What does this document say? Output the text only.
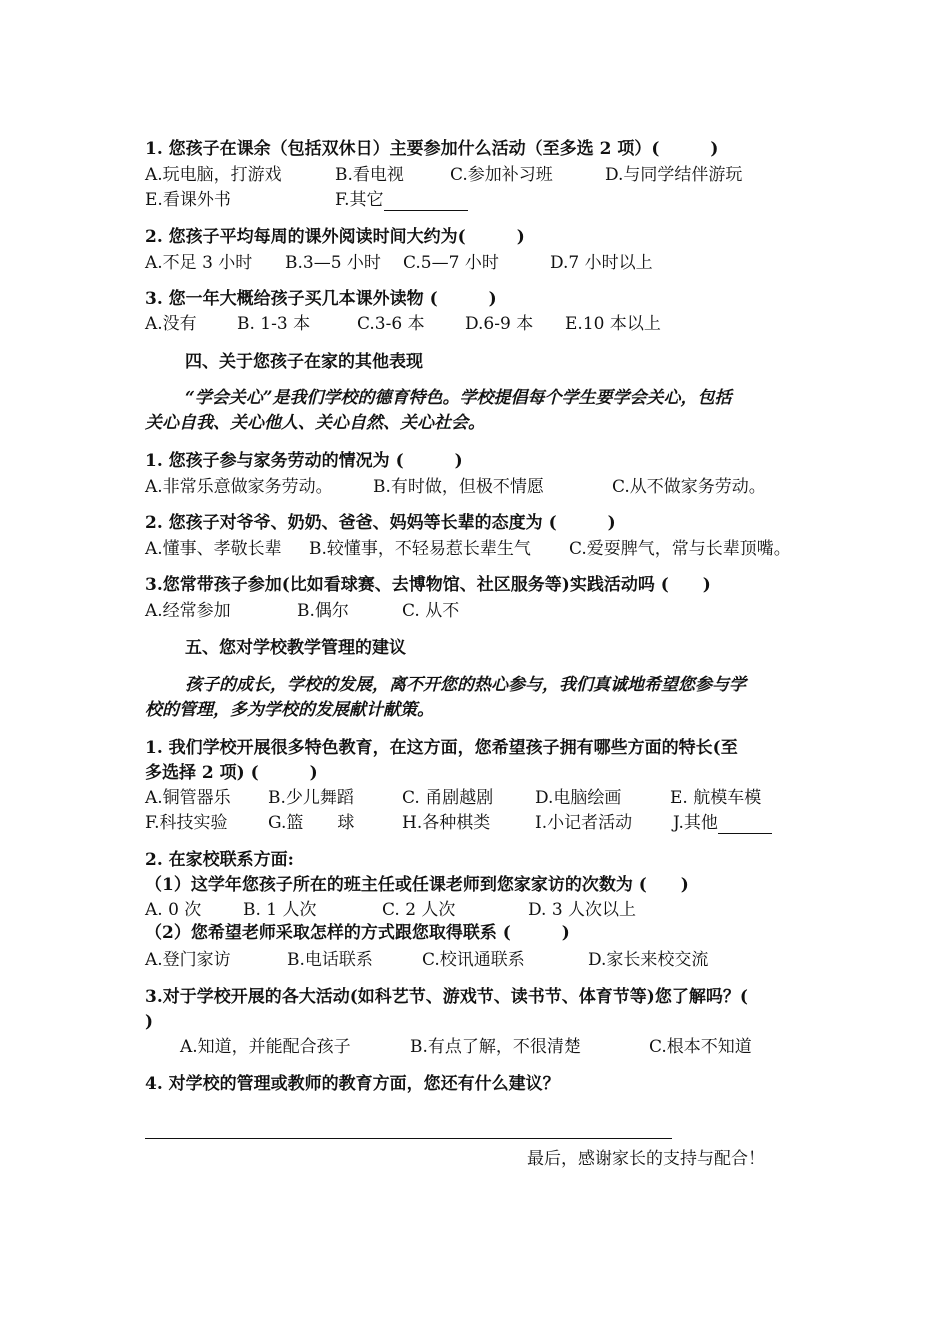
1. 您孩子在课余（包括双休日）主要参加什么活动（至多选 2 项）(　　　)
A.玩电脑，打游戏	B.看电视	C.参加补习班	D.与同学结伴游玩
E.看课外书	F.其它
2. 您孩子平均每周的课外阅读时间大约为(　　　)
A.不足 3 小时 B.3—5 小时 C.5—7 小时	D.7 小时以上
3. 您一年大概给孩子买几本课外读物 (　　　)
A.没有 B. 1-3 本	C.3-6 本 D.6-9 本 E.10 本以上
四、关于您孩子在家的其他表现
“学会关心”是我们学校的德育特色。学校提倡每个学生要学会关心，包括
关心自我、关心他人、关心自然、关心社会。
1. 您孩子参与家务劳动的情况为 (　　　)
A.非常乐意做家务劳动。 B.有时做，但极不情愿	C.从不做家务劳动。
2. 您孩子对爷爷、奶奶、爸爸、妈妈等长辈的态度为 (　　　)
A.懂事、孝敬长辈 B.较懂事，不轻易惹长辈生气 C.爱耍脾气，常与长辈顶嘴。
3.您常带孩子参加(比如看球赛、去博物馆、社区服务等)实践活动吗 (　　)
A.经常参加	B.偶尔	C. 从不
五、您对学校教学管理的建议
孩子的成长，学校的发展，离不开您的热心参与，我们真诚地希望您参与学
校的管理，多为学校的发展献计献策。
1. 我们学校开展很多特色教育，在这方面，您希望孩子拥有哪些方面的特长(至
多选择 2 项) (　　　)
A.铜管器乐 B.少儿舞蹈	C. 甬剧越剧 D.电脑绘画	E. 航模车模
F.科技实验 G.篮　　球	H.各种棋类	I.小记者活动 J.其他
2. 在家校联系方面:
（1）这学年您孩子所在的班主任或任课老师到您家家访的次数为 (　　)
A. 0 次 B. 1 人次	C. 2 人次	D. 3 人次以上
（2）您希望老师采取怎样的方式跟您取得联系 (　　　)
A.登门家访	B.电话联系	C.校讯通联系	D.家长来校交流
3.对于学校开展的各大活动(如科艺节、游戏节、读书节、体育节等)您了解吗？(
)
A.知道，并能配合孩子	B.有点了解，不很清楚	C.根本不知道
4. 对学校的管理或教师的教育方面，您还有什么建议？
最后，感谢家长的支持与配合！
